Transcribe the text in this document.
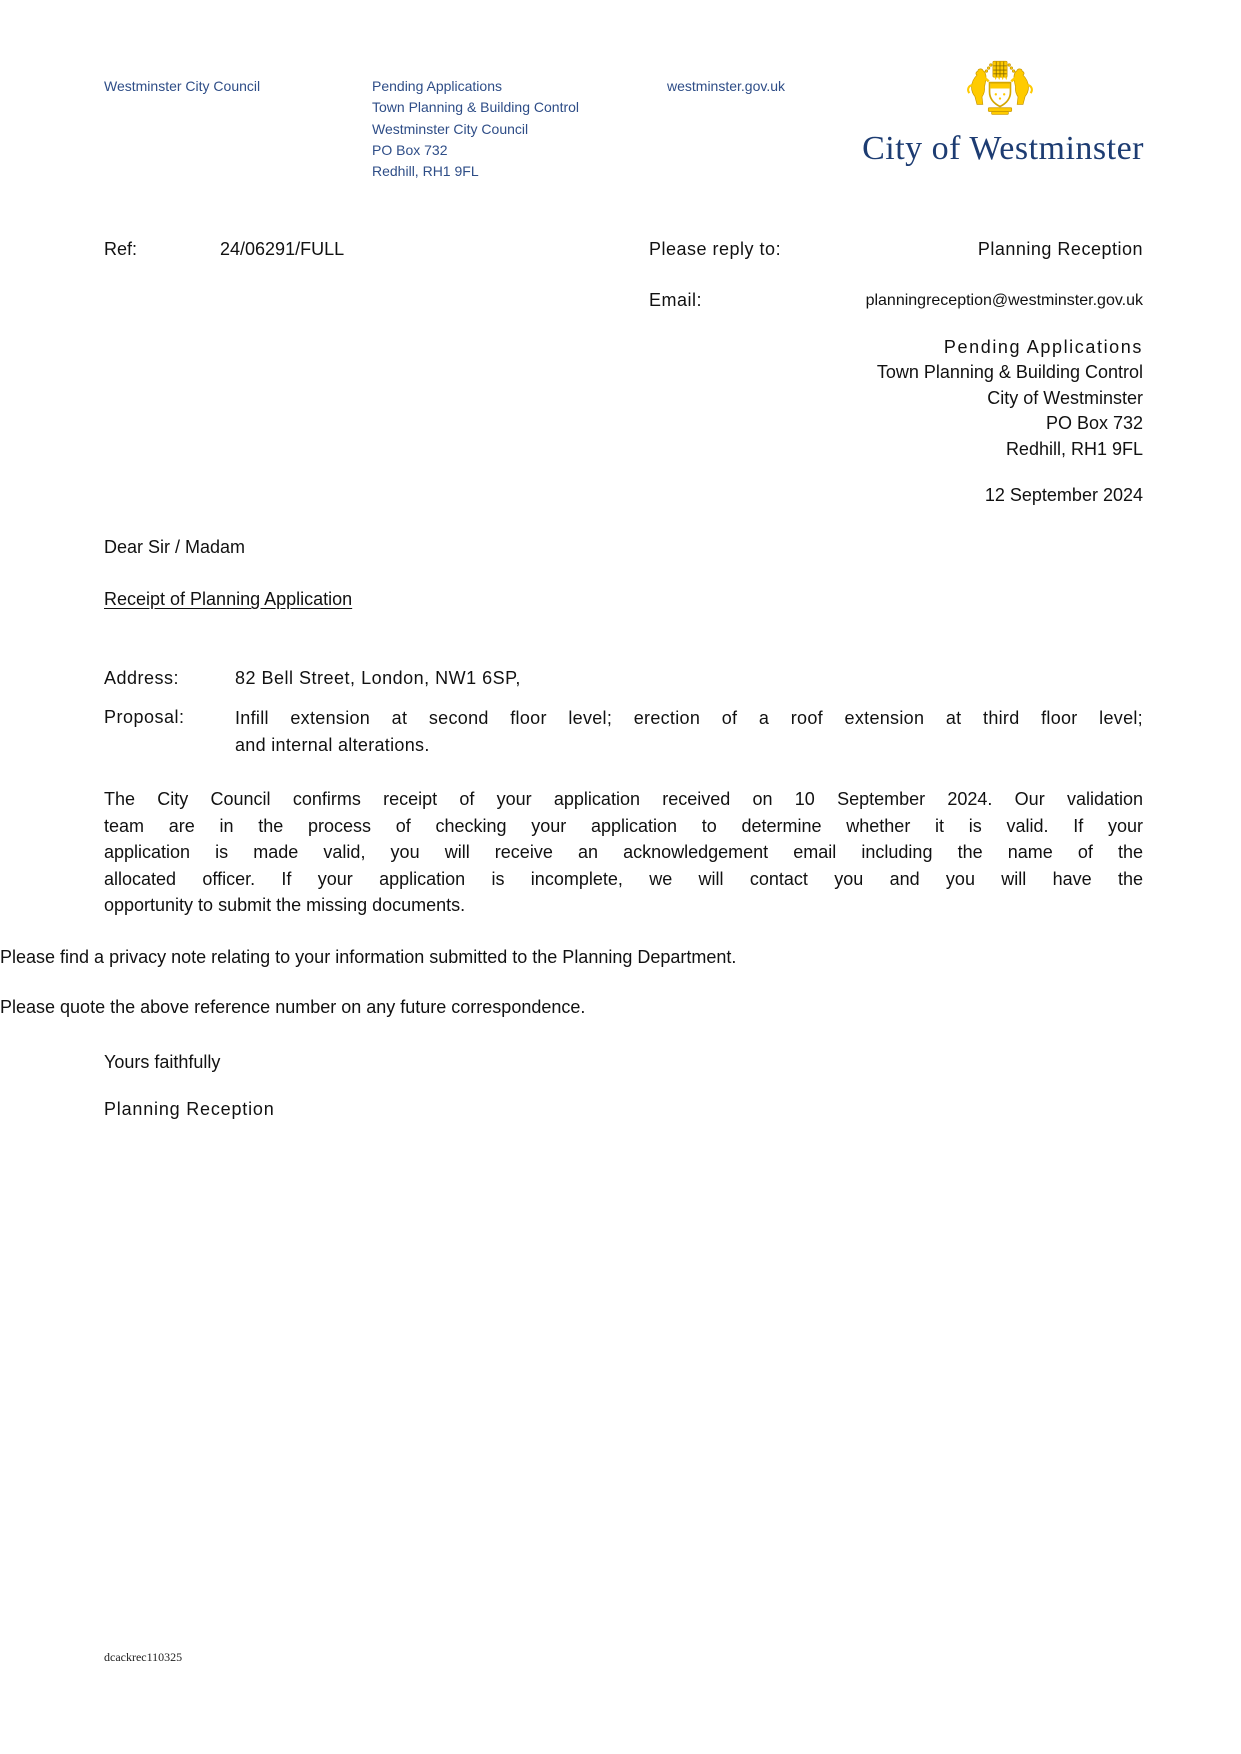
Westminster City Council	Pending Applications
Town Planning & Building Control
Westminster City Council
PO Box 732
Redhill, RH1 9FL
westminster.gov.uk
City of Westminster
Ref:	24/06291/FULL	Please reply to:	Planning Reception
Email:	planningreception@westminster.gov.uk
Pending Applications
Town Planning & Building Control
City of Westminster
PO Box 732
Redhill, RH1 9FL
12 September 2024
Dear Sir / Madam
Receipt of Planning Application
Address:	82 Bell Street, London, NW1 6SP,
Proposal:	Infill extension at second floor level; erection of a roof extension at third floor level;
and internal alterations.
The City Council confirms receipt of your application received on 10 September 2024. Our validation
team are in the process of checking your application to determine whether it is valid. If your
application is made valid, you will receive an acknowledgement email including the name of the
allocated officer. If your application is incomplete, we will contact you and you will have the
opportunity to submit the missing documents.
Please find a privacy note relating to your information submitted to the Planning Department.
Please quote the above reference number on any future correspondence.
Yours faithfully
Planning Reception
dcackrec110325
